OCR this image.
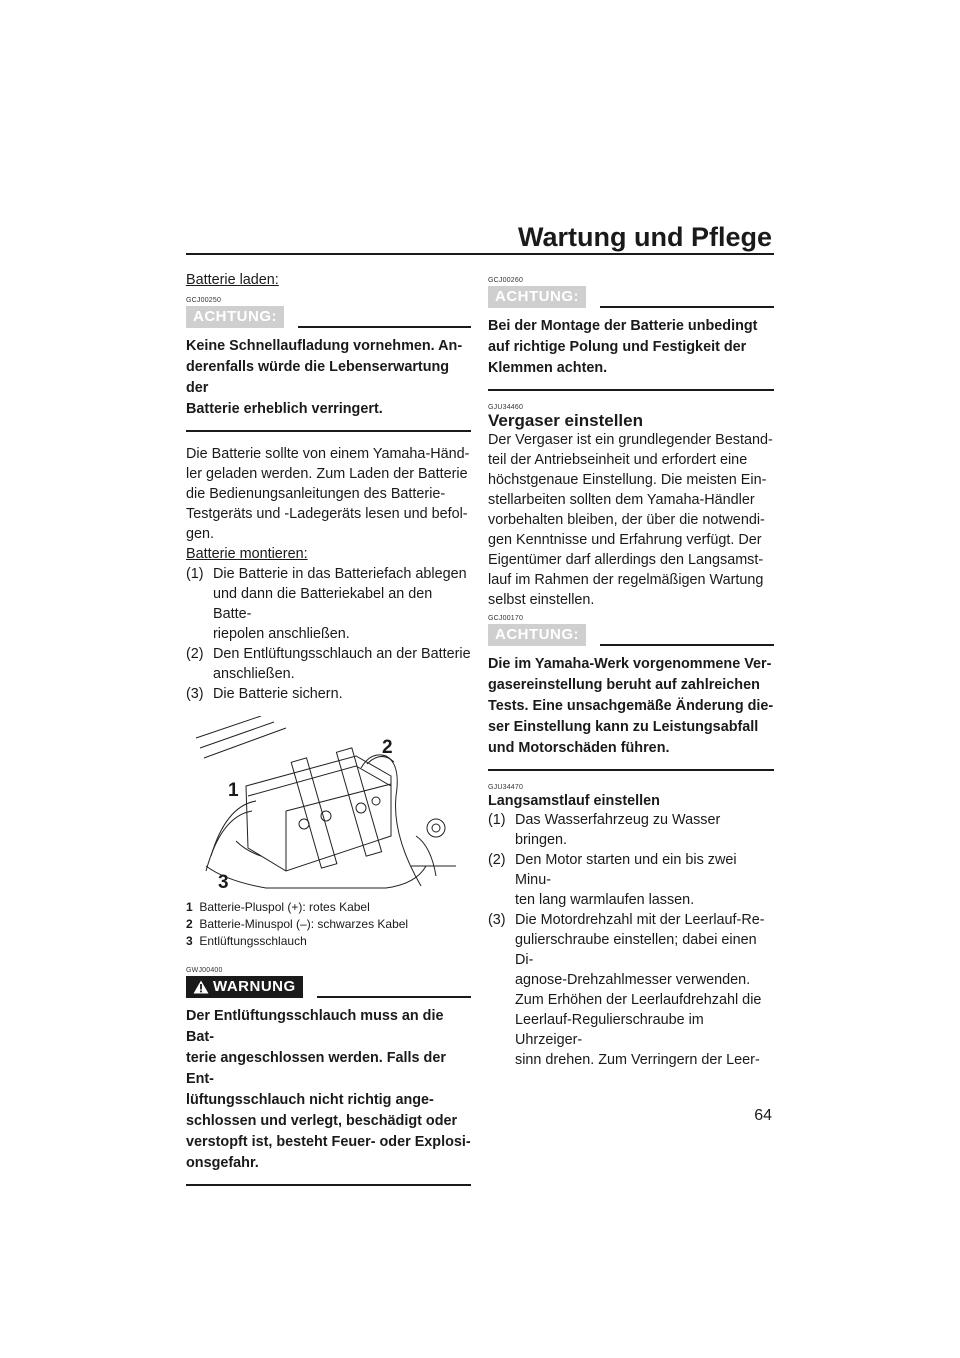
Wartung und Pflege

Batterie laden:

GCJ00250
ACHTUNG:

Keine Schnellaufladung vornehmen. An-
derenfalls würde die Lebenserwartung der
Batterie erheblich verringert.

Die Batterie sollte von einem Yamaha-Händ-
ler geladen werden. Zum Laden der Batterie
die Bedienungsanleitungen des Batterie-
Testgeräts und -Ladegeräts lesen und befol-
gen.

Batterie montieren:

(1) Die Batterie in das Batteriefach ablegen
und dann die Batteriekabel an den Batte-
riepolen anschließen.
(2) Den Entlüftungsschlauch an der Batterie
anschließen.
(3) Die Batterie sichern.
1
2
3
1 Batterie-Pluspol (+): rotes Kabel
2 Batterie-Minuspol (–): schwarzes Kabel
3 Entlüftungsschlauch
GWJ00400
WARNUNG

Der Entlüftungsschlauch muss an die Bat-
terie angeschlossen werden. Falls der Ent-
lüftungsschlauch nicht richtig ange-
schlossen und verlegt, beschädigt oder
verstopft ist, besteht Feuer- oder Explosi-
onsgefahr.

GCJ00260
ACHTUNG:

Bei der Montage der Batterie unbedingt
auf richtige Polung und Festigkeit der
Klemmen achten.

GJU34460
Vergaser einstellen

Der Vergaser ist ein grundlegender Bestand-
teil der Antriebseinheit und erfordert eine
höchstgenaue Einstellung. Die meisten Ein-
stellarbeiten sollten dem Yamaha-Händler
vorbehalten bleiben, der über die notwendi-
gen Kenntnisse und Erfahrung verfügt. Der
Eigentümer darf allerdings den Langsamst-
lauf im Rahmen der regelmäßigen Wartung
selbst einstellen.

GCJ00170
ACHTUNG:

Die im Yamaha-Werk vorgenommene Ver-
gasereinstellung beruht auf zahlreichen
Tests. Eine unsachgemäße Änderung die-
ser Einstellung kann zu Leistungsabfall
und Motorschäden führen.

GJU34470
Langsamstlauf einstellen
(1) Das Wasserfahrzeug zu Wasser bringen.
(2) Den Motor starten und ein bis zwei Minu-
ten lang warmlaufen lassen.
(3) Die Motordrehzahl mit der Leerlauf-Re-
gulierschraube einstellen; dabei einen Di-
agnose-Drehzahlmesser verwenden.
Zum Erhöhen der Leerlaufdrehzahl die
Leerlauf-Regulierschraube im Uhrzeiger-
sinn drehen. Zum Verringern der Leer-
64
